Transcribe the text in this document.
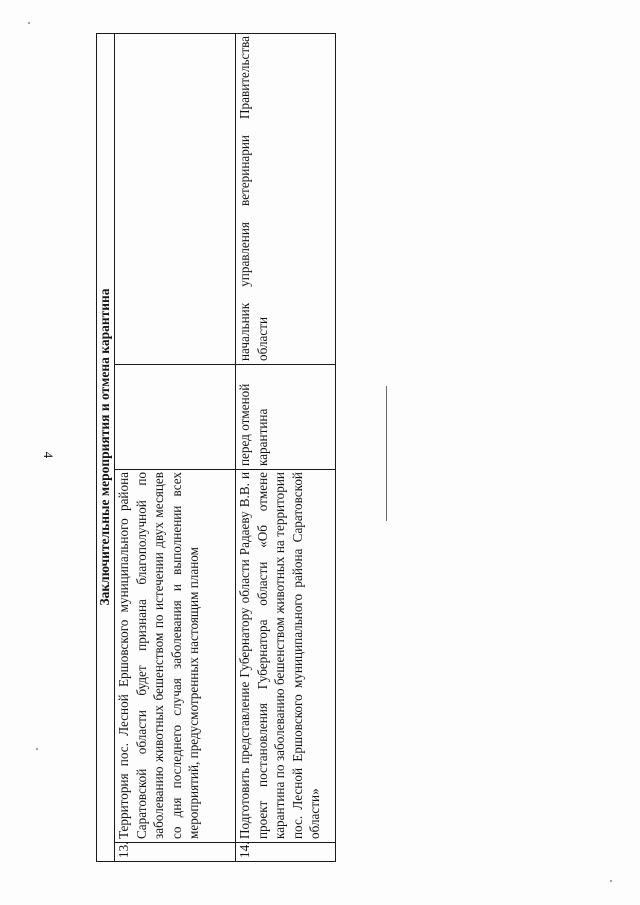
4	Заключительные мероприятия и отмена карантина			
13.	Территория пос. Лесной Ершовского муниципального района Саратовской области будет признана благополучной по заболеванию животных бешенством по истечении двух месяцев со дня последнего случая заболевания и выполнении всех мероприятий, предусмотренных настоящим планом		
14.	Подготовить представление Губернатору области Радаеву В.В. и проект постановления Губернатора области «Об отмене карантина по заболеванию бешенством животных на территории пос. Лесной Ершовского муниципального района Саратовской области»	перед отменой карантина	начальник управления ветеринарии Правительства области
